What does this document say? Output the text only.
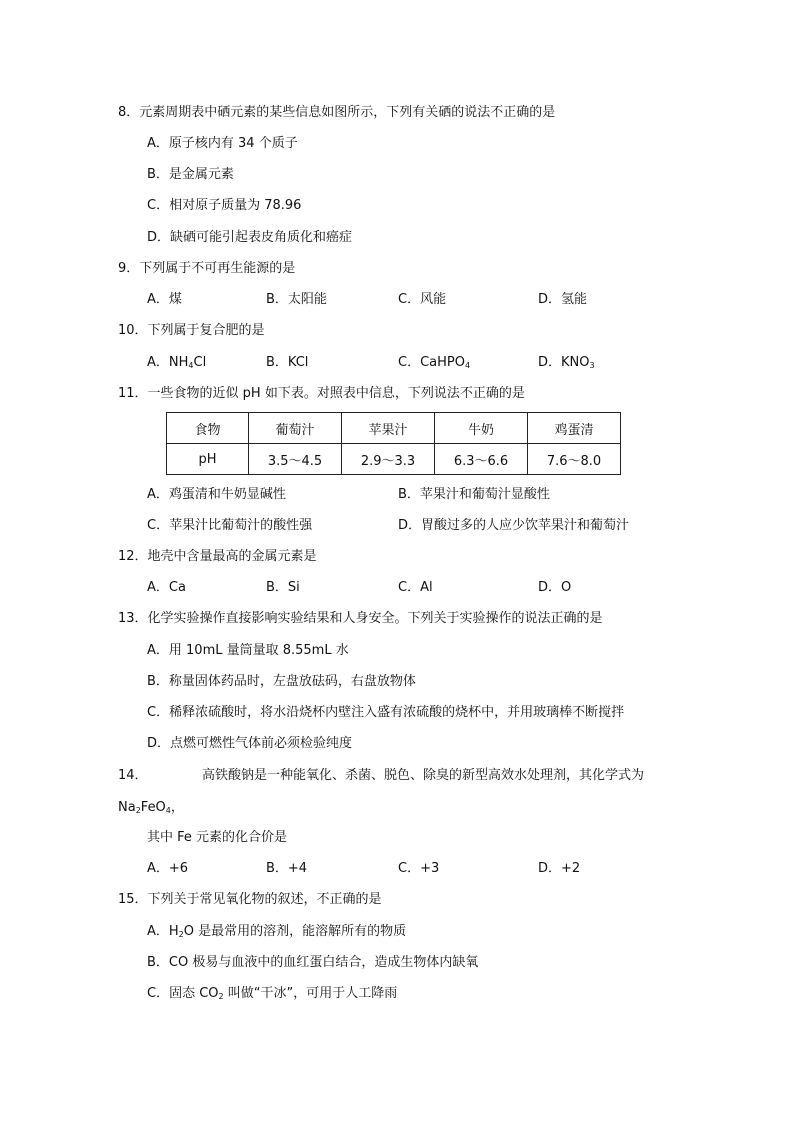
8．元素周期表中硒元素的某些信息如图所示，下列有关硒的说法不正确的是
A．原子核内有 34 个质子
B．是金属元素
C．相对原子质量为 78.96
D．缺硒可能引起表皮角质化和癌症
9．下列属于不可再生能源的是
A．煤	B．太阳能	C．风能	D．氢能
10．下列属于复合肥的是
A．$NH_4Cl$	B．KCl	C．CaHPO$_4$	D．$KNO_3$
11．一些食物的近似 pH 如下表。对照表中信息，下列说法不正确的是
食物	葡萄汁	苹果汁	牛奶	鸡蛋清
pH	3.5～4.5	2.9～3.3	6.3～6.6	7.6～8.0
A．鸡蛋清和牛奶显碱性	B．苹果汁和葡萄汁显酸性
C．苹果汁比葡萄汁的酸性强	D．胃酸过多的人应少饮苹果汁和葡萄汁
12．地壳中含量最高的金属元素是
A．Ca	B．Si	C．Al	D．O
13．化学实验操作直接影响实验结果和人身安全。下列关于实验操作的说法正确的是
A．用 10mL 量筒量取 8.55mL 水
B．称量固体药品时，左盘放砝码，右盘放物体
C．稀释浓硫酸时，将水沿烧杯内壁注入盛有浓硫酸的烧杯中，并用玻璃棒不断搅拌
D．点燃可燃性气体前必须检验纯度
14．	高铁酸钠是一种能氧化、杀菌、脱色、除臭的新型高效水处理剂，其化学式为
$Na_2FeO_4$，
其中 Fe 元素的化合价是
A．+6	B．+4	C．+3	D．+2
15．下列关于常见氧化物的叙述，不正确的是
A．$H_2O$ 是最常用的溶剂，能溶解所有的物质
B．CO 极易与血液中的血红蛋白结合，造成生物体内缺氧
C．固态 $CO_2$ 叫做“干冰”，可用于人工降雨
